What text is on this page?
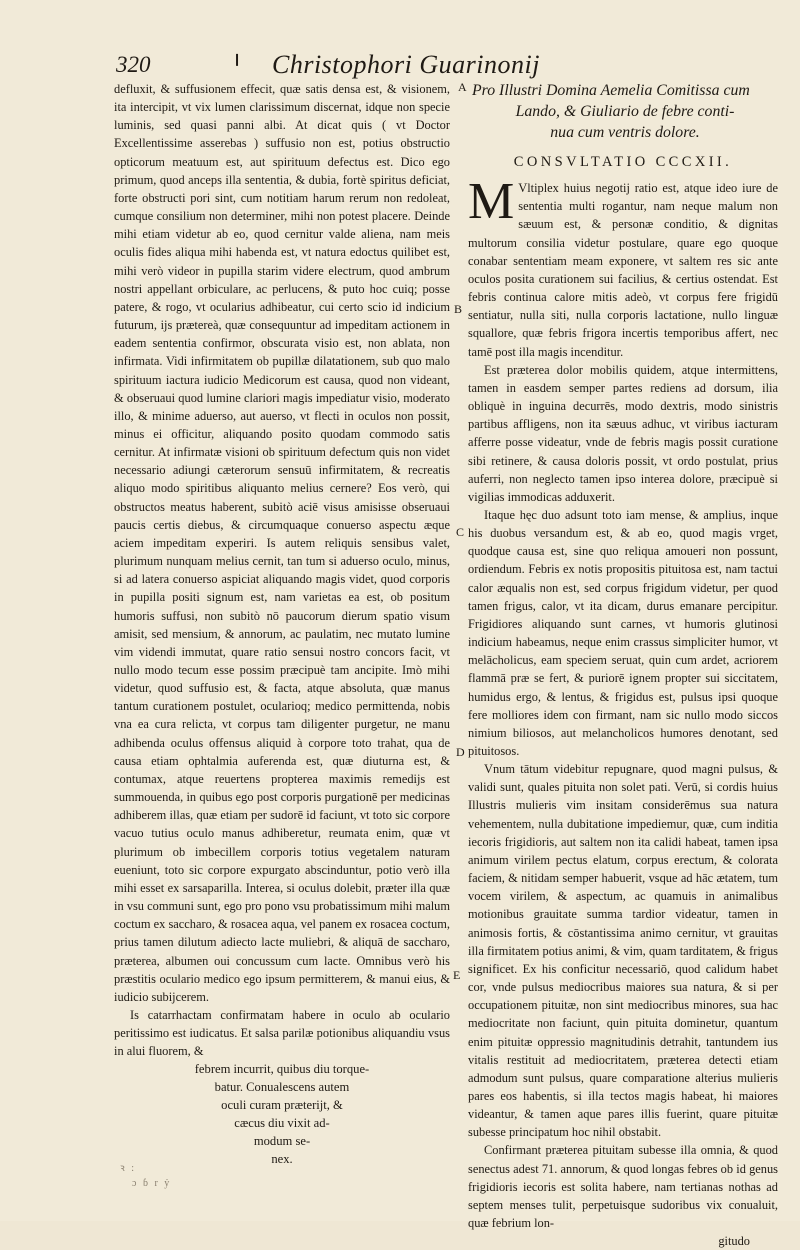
320	❙ Christophori Guarinonij
A
B
C
D
E

defluxit, & suffusionem effecit, quæ satis densa est, & visionem, ita intercipit, vt vix lumen clarissimum discernat, idque non specie luminis, sed quasi panni albi. At dicat quis ( vt Doctor Excellentissime asserebas ) suffusio non est, potius obstructio opticorum meatuum est, aut spirituum defectus est. Dico ego primum, quod anceps illa sententia, & dubia, fortè spiritus deficiat, forte obstructi pori sint, cum notitiam harum rerum non redoleat, cumque consilium non determiner, mihi non potest placere. Deinde mihi etiam videtur ab eo, quod cernitur valde aliena, nam meis oculis fides aliqua mihi habenda est, vt natura edoctus quilibet est, mihi verò videor in pupilla starim videre electrum, quod ambrum nostri appellant orbiculare, ac perlucens, & puto hoc cuiq; posse patere, & rogo, vt ocularius adhibeatur, cui certo scio id indicium futurum, ijs prætereà, quæ consequuntur ad impeditam actionem in eadem sententia confirmor, obscurata visio est, non ablata, non infirmata. Vidi infirmitatem ob pupillæ dilatationem, sub quo malo spirituum iactura iudicio Medicorum est causa, quod non videant, & obseruaui quod lumine clariori magis impediatur visio, moderato illo, & minime aduerso, aut auerso, vt flecti in oculos non possit, minus ei officitur, aliquando posito quodam commodo satis cernitur. At infirmatæ visioni ob spirituum defectum quis non videt necessario adiungi cæterorum sensuū infirmitatem, & recreatis aliquo modo spiritibus aliquanto melius cernere? Eos verò, qui obstructos meatus haberent, subitò aciē visus amisisse obseruaui paucis certis diebus, & circumquaque conuerso aspectu æque aciem impeditam experiri. Is autem reliquis sensibus valet, plurimum nunquam melius cernit, tan tum si aduerso oculo, minus, si ad latera conuerso aspiciat aliquando magis videt, quod corporis in pupilla positi signum est, nam varietas ea est, ob positum humoris suffusi, non subitò nō paucorum dierum spatio visum amisit, sed mensium, & annorum, ac paulatim, nec mutato lumine vim videndi immutat, quare ratio sensui nostro concors facit, vt nullo modo tecum esse possim præcipuè tam ancipite. Imò mihi videtur, quod suffusio est, & facta, atque absoluta, quæ manus tantum curationem postulet, ocularioq; medico permittenda, nobis vna ea cura relicta, vt corpus tam diligenter purgetur, ne manu adhibenda oculus offensus aliquid à corpore toto trahat, qua de causa etiam ophtalmia auferenda est, quæ diuturna est, & contumax, atque reuertens propterea maximis remedijs est summouenda, in quibus ego post corporis purgationē per medicinas adhiberem illas, quæ etiam per sudorē id faciunt, vt toto sic corpore vacuo tutius oculo manus adhiberetur, reumata enim, quæ vt plurimum ob imbecillem corporis totius vegetalem naturam eueniunt, toto sic corpore expurgato abscinduntur, potio verò illa mihi esset ex sarsaparilla. Interea, si oculus dolebit, præter illa quæ in vsu communi sunt, ego pro pono vsu probatissimum mihi malum coctum ex saccharo, & rosacea aqua, vel panem ex rosacea coctum, prius tamen dilutum adiecto lacte muliebri, & aliquā de saccharo, præterea, albumen oui concussum cum lacte. Omnibus verò his præstitis oculario medico ego ipsum permitterem, & manui eius, & iudicio subijcerem.

Is catarrhactam confirmatam habere in oculo ab oculario peritissimo est iudicatus. Et salsa parilæ potionibus aliquandiu vsus in alui fluorem, &

febrem incurrit, quibus diu torque-
batur. Conualescens autem
oculi curam præterijt, &
cæcus diu vixit ad-
modum se-
nex.
Pro Illustri Domina Aemelia Comitissa cum
Lando, & Giuliario de febre conti-
nua cum ventris dolore.
CONSVLTATIO CCCXII.
M Vltiplex huius negotij ratio est, atque ideo iure de sententia multi rogantur, nam neque malum non sæuum est, & personæ conditio, & dignitas multorum consilia videtur postulare, quare ego quoque conabar sententiam meam exponere, vt saltem res sic ante oculos posita curationem sui facilius, & certius ostendat. Est febris continua calore mitis adeò, vt corpus fere frigidū sentiatur, nulla siti, nulla corporis lactatione, nullo linguæ squallore, quæ febris frigora incertis temporibus affert, nec tamē post illa magis incenditur.

Est præterea dolor mobilis quidem, atque intermittens, tamen in easdem semper partes rediens ad dorsum, ilia obliquè in inguina decurrēs, modo dextris, modo sinistris partibus affligens, non ita sæuus adhuc, vt viribus iacturam afferre posse videatur, vnde de febris magis possit curatione sibi retinere, & causa doloris possit, vt ordo postulat, prius auferri, non neglecto tamen ipso interea dolore, præcipuè si vigilias immodicas adduxerit.

Itaque hęc duo adsunt toto iam mense, & amplius, inque his duobus versandum est, & ab eo, quod magis vrget, quodque causa est, sine quo reliqua amoueri non possunt, ordiendum. Febris ex notis propositis pituitosa est, nam tactui calor æqualis non est, sed corpus frigidum videtur, per quod tamen frigus, calor, vt ita dicam, durus emanare percipitur. Frigidiores aliquando sunt carnes, vt humoris glutinosi indicium habeamus, neque enim crassus simpliciter humor, vt melācholicus, eam speciem seruat, quin cum ardet, acriorem flammā præ se fert, & puriorē ignem propter sui siccitatem, humidus ergo, & lentus, & frigidus est, pulsus ipsi quoque fere molliores idem con firmant, nam sic nullo modo siccos nimium biliosos, aut melancholicos humores denotant, sed pituitosos.

Vnum tātum videbitur repugnare, quod magni pulsus, & validi sunt, quales pituita non solet pati. Verū, si cordis huius Illustris mulieris vim insitam considerēmus sua natura vehementem, nulla dubitatione impediemur, quæ, cum inditia iecoris frigidioris, aut saltem non ita calidi habeat, tamen ipsa animum virilem pectus elatum, corpus erectum, & colorata faciem, & nitidam semper habuerit, vsque ad hāc ætatem, tum vocem virilem, & aspectum, ac quamuis in animalibus motionibus grauitate summa tardior videatur, tamen in animosis fortis, & cōstantissima animo cernitur, vt grauitas illa firmitatem potius animi, & vim, quam tarditatem, & frigus significet. Ex his conficitur necessariō, quod calidum habet cor, vnde pulsus mediocribus maiores sua natura, & si per occupationem pituitæ, non sint mediocribus minores, sua hac mediocritate non faciunt, quin pituita dominetur, quantum enim pituitæ oppressio magnitudinis detrahit, tantundem ius vitalis restituit ad mediocritatem, præterea detecti etiam admodum sunt pulsus, quare comparatione alterius mulieris pares eos habentis, si illa tectos magis habeat, hi maiores videantur, & tamen aque pares illis fuerint, quare pituitæ subesse principatum hoc nihil obstabit.

Confirmant præterea pituitam subesse illa omnia, & quod senectus adest 71. annorum, & quod longas febres ob id genus frigidioris iecoris est solita habere, nam tertianas nothas ad septem menses tulit, perpetuisque sudoribus vix conualuit, quæ febrium lon-

gitudo
ꝛ :
ɔ ɓ r ẏ
